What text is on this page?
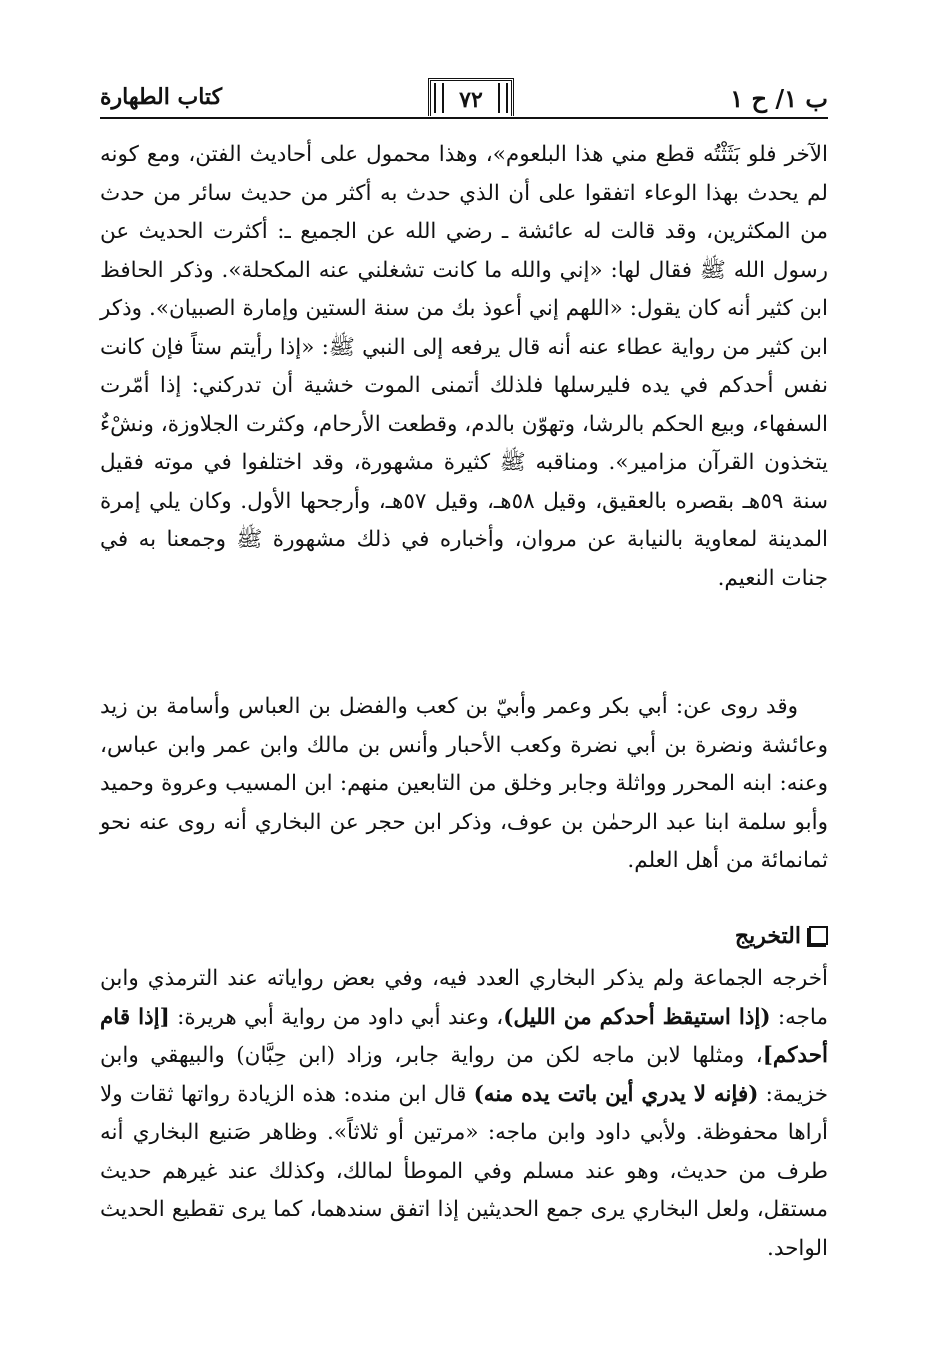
كتاب الطهارة	٧٢	ب ١/ ح ١

الآخر فلو بَثَثْتُه قطع مني هذا البلعوم»، وهذا محمول على أحاديث الفتن، ومع كونه لم يحدث بهذا الوعاء اتفقوا على أن الذي حدث به أكثر من حديث سائر من حدث من المكثرين، وقد قالت له عائشة ـ رضي الله عن الجميع ـ: أكثرت الحديث عن رسول الله ﷺ فقال لها: «إني والله ما كانت تشغلني عنه المكحلة». وذكر الحافظ ابن كثير أنه كان يقول: «اللهم إني أعوذ بك من سنة الستين وإمارة الصبيان». وذكر ابن كثير من رواية عطاء عنه أنه قال يرفعه إلى النبي ﷺ: «إذا رأيتم ستاً فإن كانت نفس أحدكم في يده فليرسلها فلذلك أتمنى الموت خشية أن تدركني: إذا أمّرت السفهاء، وبيع الحكم بالرشا، وتهوّن بالدم، وقطعت الأرحام، وكثرت الجلاوزة، ونشْءٌ يتخذون القرآن مزامير». ومناقبه ﷺ كثيرة مشهورة، وقد اختلفوا في موته فقيل سنة ٥٩هـ بقصره بالعقيق، وقيل ٥٨هـ، وقيل ٥٧هـ، وأرجحها الأول. وكان يلي إمرة المدينة لمعاوية بالنيابة عن مروان، وأخباره في ذلك مشهورة ﷺ وجمعنا به في جنات النعيم.

وقد روى عن: أبي بكر وعمر وأبيّ بن كعب والفضل بن العباس وأسامة بن زيد وعائشة ونضرة بن أبي نضرة وكعب الأحبار وأنس بن مالك وابن عمر وابن عباس، وعنه: ابنه المحرر وواثلة وجابر وخلق من التابعين منهم: ابن المسيب وعروة وحميد وأبو سلمة ابنا عبد الرحمٰن بن عوف، وذكر ابن حجر عن البخاري أنه روى عنه نحو ثمانمائة من أهل العلم.

التخريج

أخرجه الجماعة ولم يذكر البخاري العدد فيه، وفي بعض رواياته عند الترمذي وابن ماجه: (إذا استيقظ أحدكم من الليل)، وعند أبي داود من رواية أبي هريرة: [إذا قام أحدكم]، ومثلها لابن ماجه لكن من رواية جابر، وزاد (ابن حِبَّان) والبيهقي وابن خزيمة: (فإنه لا يدري أين باتت يده منه) قال ابن منده: هذه الزيادة رواتها ثقات ولا أراها محفوظة. ولأبي داود وابن ماجه: «مرتين أو ثلاثاً». وظاهر صَنيع البخاري أنه طرف من حديث، وهو عند مسلم وفي الموطأ لمالك، وكذلك عند غيرهم حديث مستقل، ولعل البخاري يرى جمع الحديثين إذا اتفق سندهما، كما يرى تقطيع الحديث الواحد.
